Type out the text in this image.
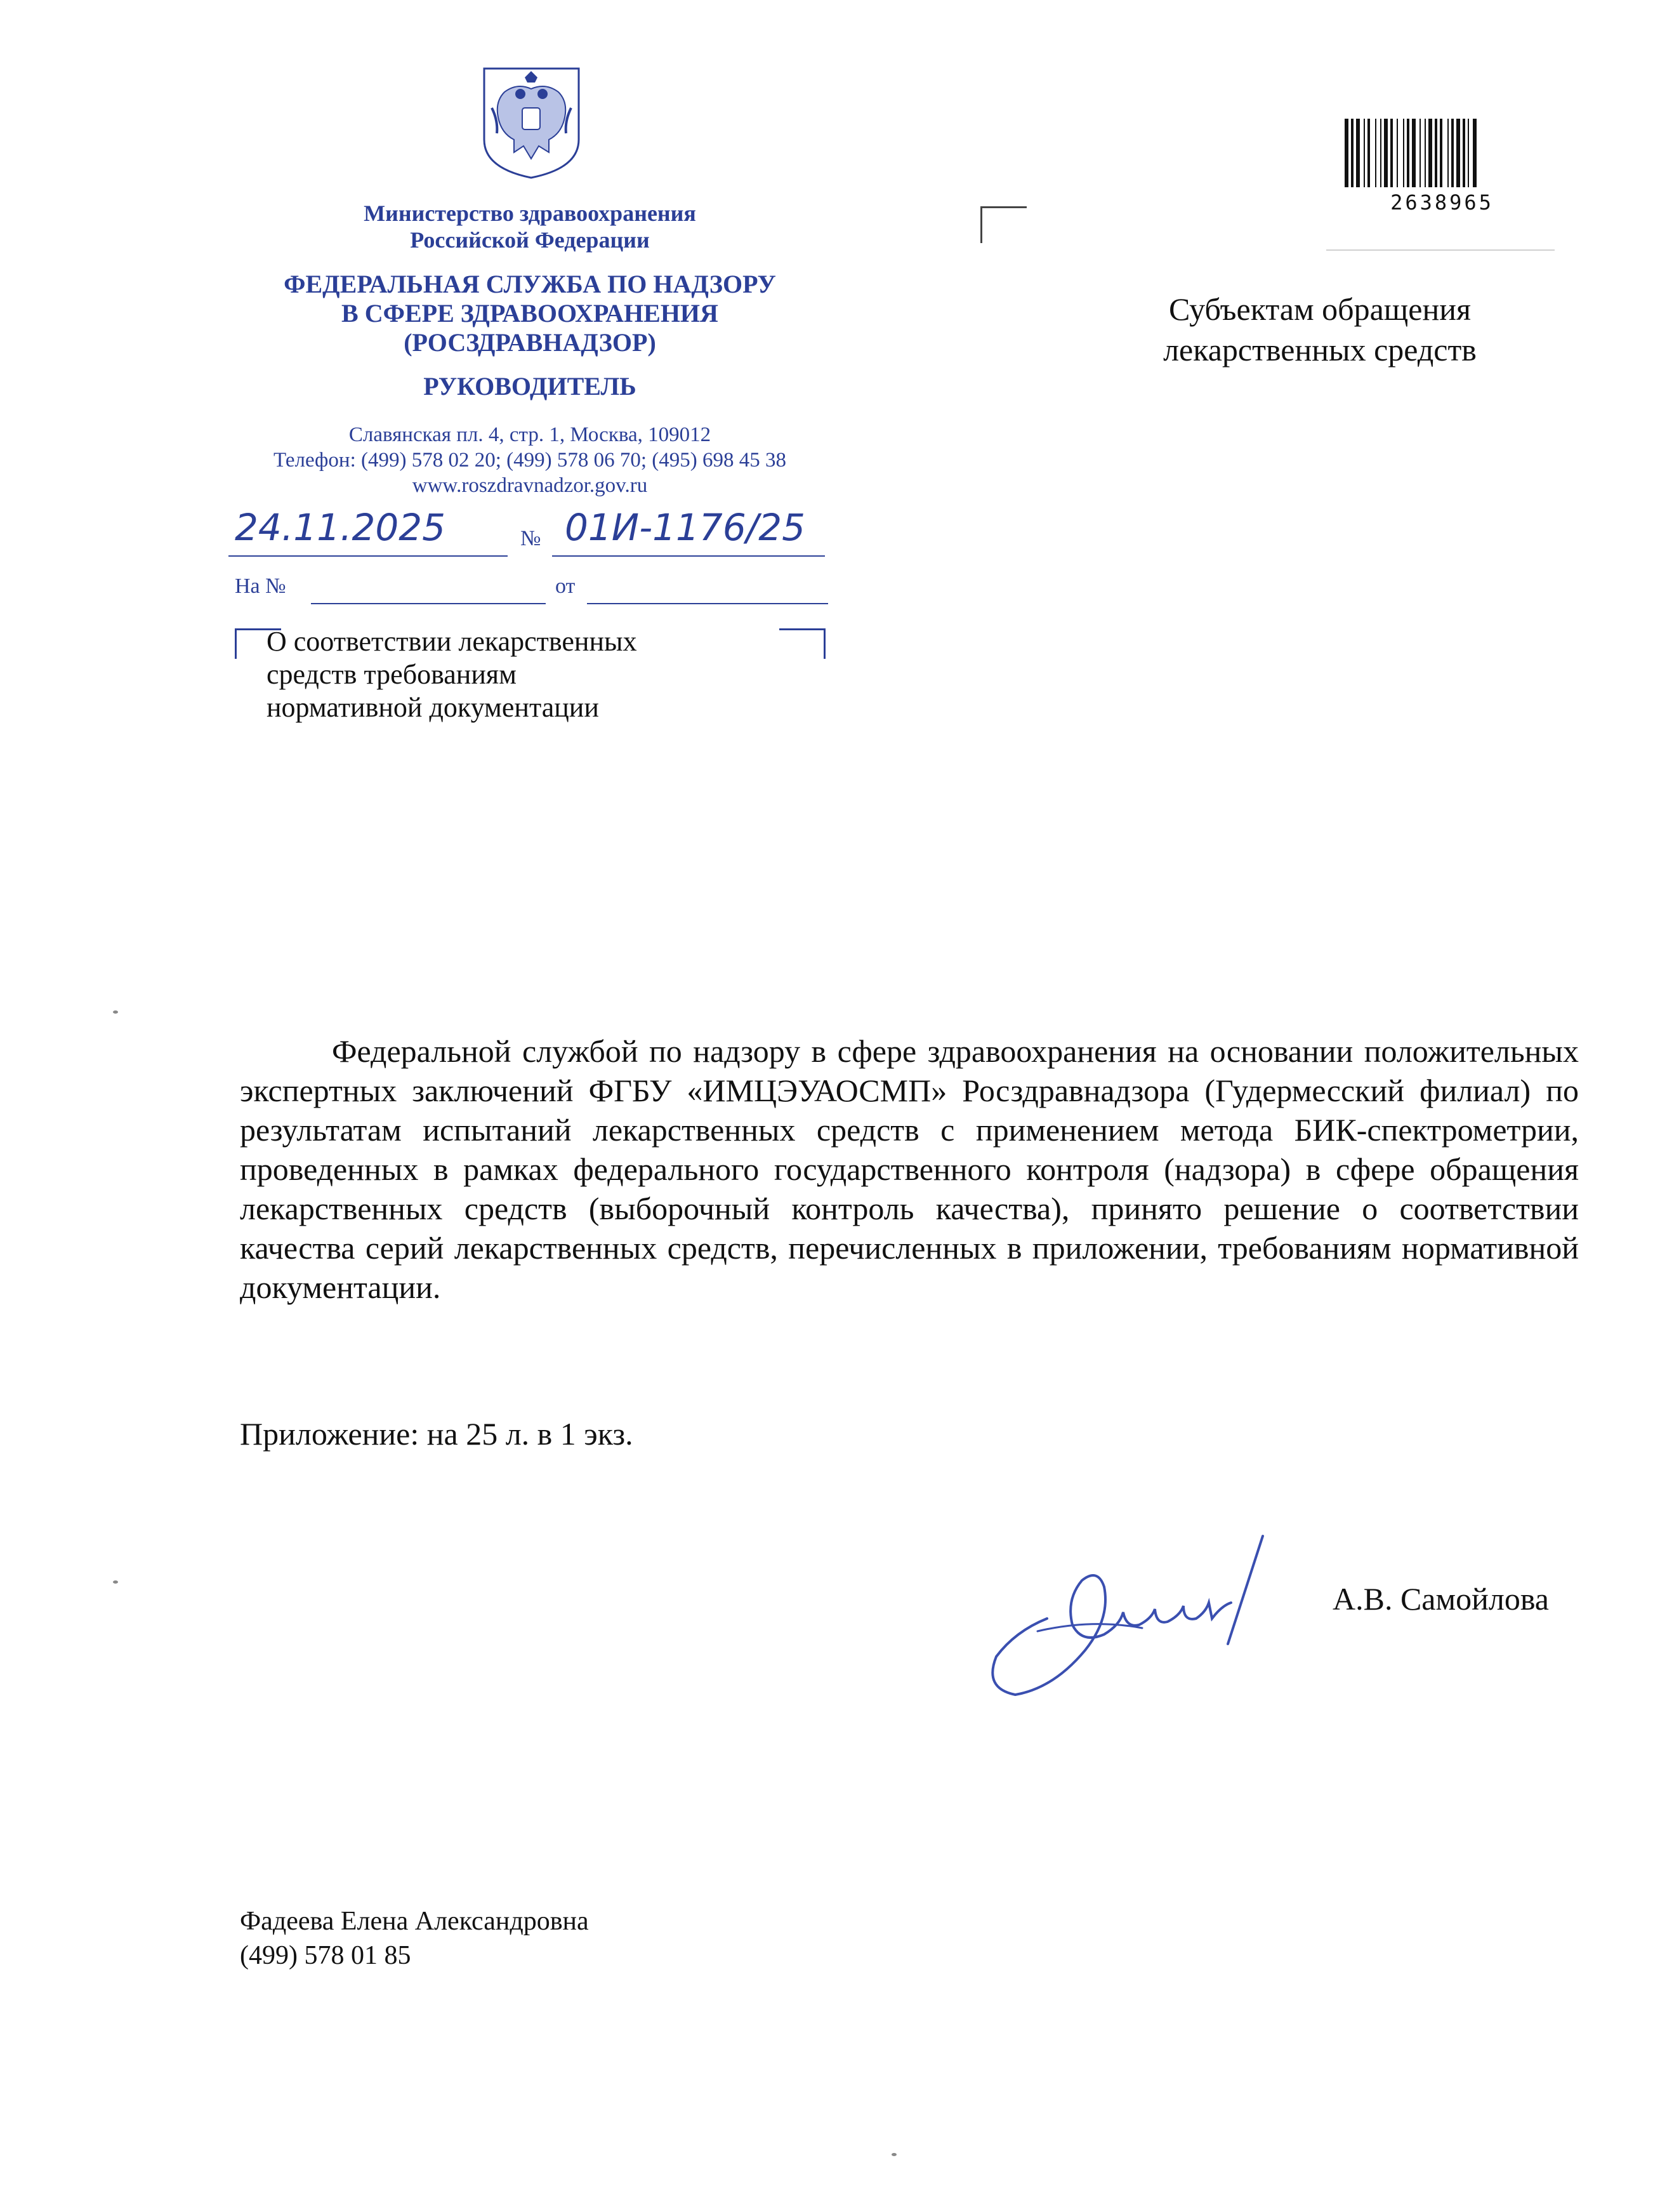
Министерство здравоохранения
Российской Федерации
ФЕДЕРАЛЬНАЯ СЛУЖБА ПО НАДЗОРУ
В СФЕРЕ ЗДРАВООХРАНЕНИЯ
(РОСЗДРАВНАДЗОР)
РУКОВОДИТЕЛЬ
Славянская пл. 4, стр. 1, Москва, 109012
Телефон: (499) 578 02 20; (499) 578 06 70; (495) 698 45 38
www.roszdravnadzor.gov.ru
24.11.2025	№ 01И-1176/25
На №	от
О соответствии лекарственных
средств требованиям
нормативной документации
Субъектам обращения
лекарственных средств
2638965
Федеральной службой по надзору в сфере здравоохранения на основании положительных экспертных заключений ФГБУ «ИМЦЭУАОСМП» Росздравнадзора (Гудермесский филиал) по результатам испытаний лекарственных средств с применением метода БИК-спектрометрии, проведенных в рамках федерального государственного контроля (надзора) в сфере обращения лекарственных средств (выборочный контроль качества), принято решение о соответствии качества серий лекарственных средств, перечисленных в приложении, требованиям нормативной документации.
Приложение: на 25 л. в 1 экз.
А.В. Самойлова
Фадеева Елена Александровна
(499) 578 01 85
